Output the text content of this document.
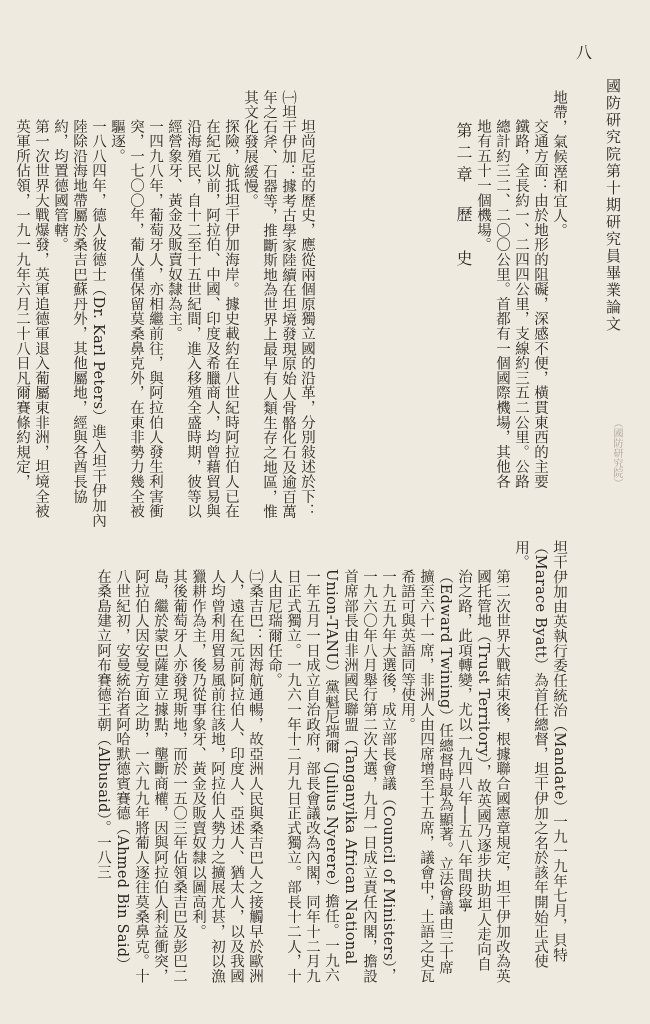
八
國防研究院第十期研究員畢業論文
（國防研究院）

地帶，氣候溼和宜人。

交通方面：由於地形的阻礙，深感不便，橫貫東西的主要鐵路，全長約一、二四四公里，支線約三五二公里。公路總計約三二、二〇〇公里。首都有一個國際機場，其他各地有五十一個機場。

第二章歷　史

坦尚尼亞的歷史，應從兩個原獨立國的沿革，分別敍述於下：

㈠坦干伊加：據考古學家陸續在坦境發現原始人骨骼化石及逾百萬年之石斧、石器等，推斷斯地為世界上最早有人類生存之地區，惟其文化發展緩慢。

探險，航抵坦干伊加海岸。據史載約在八世紀時阿拉伯人已在在紀元以前，阿拉伯、中國、印度及希臘商人，均曾藉貿易與沿海殖民，自十二至十五世紀間，進入移殖全盛時期，彼等以經營象牙、黃金及販賣奴隸為主。

一四九八年，葡萄牙人，亦相繼前往，與阿拉伯人發生利害衝突，一七〇〇年，葡人僅保留莫桑鼻克外，在東非勢力幾全被驅逐。

一八八四年，德人彼德士（Dr. Karl Peters）進入坦干伊加內陸除沿海地帶屬於桑吉巴蘇丹外，其他屬地，經與各酋長協約，均置德國管轄。

第一次世界大戰爆發，英軍追德軍退入葡屬東非洲，坦境全被英軍所佔領，一九一九年六月二十八日凡爾賽條約規定，

坦干伊加由英執行委任統治（Mandate）一九一九年七月，貝特（Marace Byatt）為首任總督，坦干伊加之名於該年開始正式使用。

第二次世界大戰結束後，根據聯合國憲章規定，坦干伊加改為英國托管地（Trust Territory），故英國乃逐步扶助坦人走向自治之路，此項轉變，尤以一九四八年──五八年間段寧（Edward Twining）任總督時最為顯著。立法會議由三十席擴至六十一席，非洲人由四席增至十五席，議會中，土語之史瓦希語可與英語同等使用。

一九五九年大選後，成立部長會議（Council of Ministers），一九六〇年八月舉行第二次大選，九月一日成立責任內閣，擔設首席部長由非洲國民聯盟（Tanganyika African National Union-TANU）黨魁尼瑞爾（Julius Nyerere）擔任。一九六一年五月一日成立自治政府，部長會議改為內閣，同年十二月九日正式獨立。一九六一年十二月九日正式獨立。部長十二人，十人由尼瑞爾任命。

㈡桑吉巴：因海航通暢，故亞洲人民與桑吉巴人之接觸早於歐洲人，遠在紀元前阿拉伯人、印度人、亞述人、猶太人，以及我國人均曾利用貿易風前往該地，阿拉伯人勢力之擴展尤甚，初以漁獵耕作為主，後乃從事象牙、黃金及販賣奴隸以圖高利。

其後葡萄牙人亦發現斯地，而於一五〇三年佔領桑吉巴及彭巴二島，繼於蒙巴薩建立據點，壟斷商權，因與阿拉伯人利益衝突，阿拉伯人因安曼方面之助，一六九九年將葡人逐往莫桑鼻克。十八世紀初，安曼統治者阿哈默德賓賽德（Ahmed Bin Said）在桑島建立阿布賽德王朝（Albusaid）。一八三
